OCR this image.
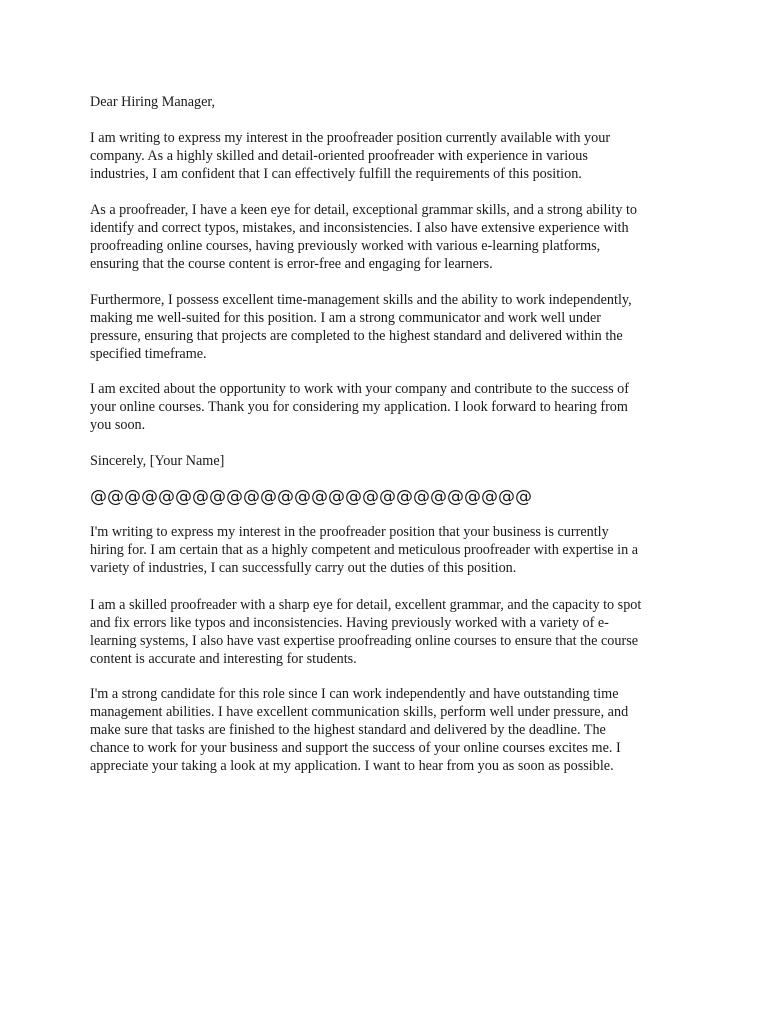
Dear Hiring Manager,
I am writing to express my interest in the proofreader position currently available with your
company. As a highly skilled and detail-oriented proofreader with experience in various
industries, I am confident that I can effectively fulfill the requirements of this position.
As a proofreader, I have a keen eye for detail, exceptional grammar skills, and a strong ability to
identify and correct typos, mistakes, and inconsistencies. I also have extensive experience with
proofreading online courses, having previously worked with various e-learning platforms,
ensuring that the course content is error-free and engaging for learners.
Furthermore, I possess excellent time-management skills and the ability to work independently,
making me well-suited for this position. I am a strong communicator and work well under
pressure, ensuring that projects are completed to the highest standard and delivered within the
specified timeframe.
I am excited about the opportunity to work with your company and contribute to the success of
your online courses. Thank you for considering my application. I look forward to hearing from
you soon.
Sincerely, [Your Name]
@@@@@@@@@@@@@@@@@@@@@@@@@@
I'm writing to express my interest in the proofreader position that your business is currently
hiring for. I am certain that as a highly competent and meticulous proofreader with expertise in a
variety of industries, I can successfully carry out the duties of this position.
I am a skilled proofreader with a sharp eye for detail, excellent grammar, and the capacity to spot
and fix errors like typos and inconsistencies. Having previously worked with a variety of e-
learning systems, I also have vast expertise proofreading online courses to ensure that the course
content is accurate and interesting for students.
I'm a strong candidate for this role since I can work independently and have outstanding time
management abilities. I have excellent communication skills, perform well under pressure, and
make sure that tasks are finished to the highest standard and delivered by the deadline. The
chance to work for your business and support the success of your online courses excites me. I
appreciate your taking a look at my application. I want to hear from you as soon as possible.
